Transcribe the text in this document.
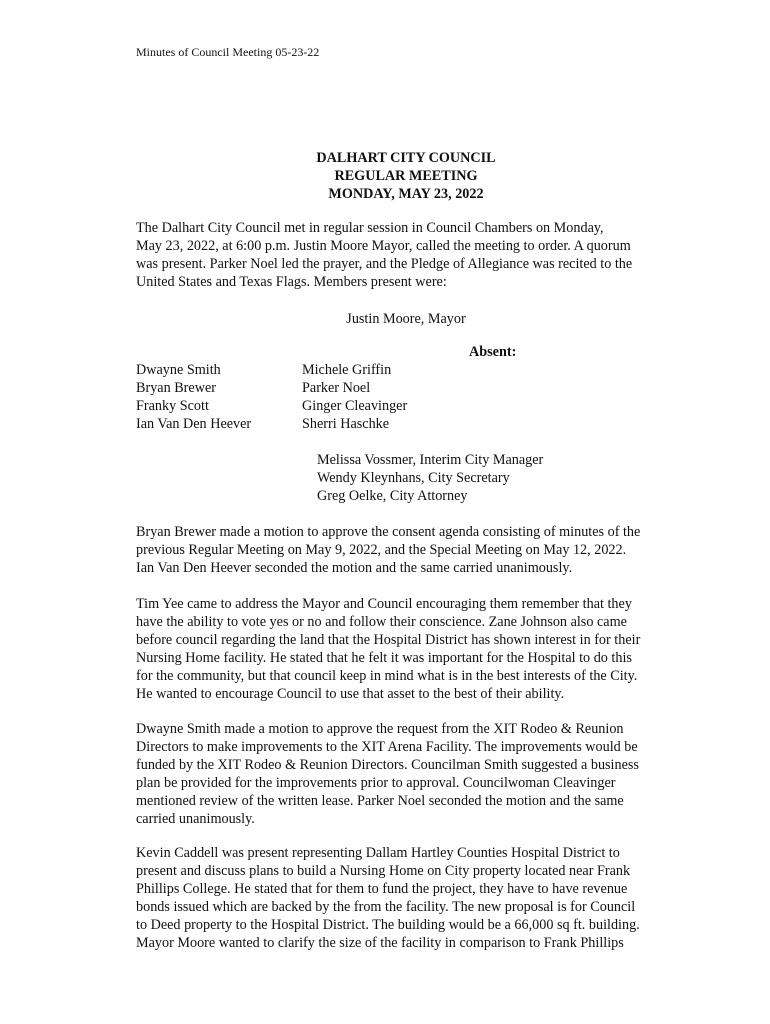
Minutes of Council Meeting 05-23-22
DALHART CITY COUNCIL
REGULAR MEETING
MONDAY, MAY 23, 2022

The Dalhart City Council met in regular session in Council Chambers on Monday,
May 23, 2022, at 6:00 p.m. Justin Moore Mayor, called the meeting to order. A quorum
was present. Parker Noel led the prayer, and the Pledge of Allegiance was recited to the
United States and Texas Flags. Members present were:

Justin Moore, Mayor
Absent:
Dwayne Smith
Bryan Brewer
Franky Scott
Ian Van Den Heever
Michele Griffin
Parker Noel
Ginger Cleavinger
Sherri Haschke
Melissa Vossmer, Interim City Manager
Wendy Kleynhans, City Secretary
Greg Oelke, City Attorney

Bryan Brewer made a motion to approve the consent agenda consisting of minutes of the
previous Regular Meeting on May 9, 2022, and the Special Meeting on May 12, 2022.
Ian Van Den Heever seconded the motion and the same carried unanimously.

Tim Yee came to address the Mayor and Council encouraging them remember that they
have the ability to vote yes or no and follow their conscience. Zane Johnson also came
before council regarding the land that the Hospital District has shown interest in for their
Nursing Home facility. He stated that he felt it was important for the Hospital to do this
for the community, but that council keep in mind what is in the best interests of the City.
He wanted to encourage Council to use that asset to the best of their ability.

Dwayne Smith made a motion to approve the request from the XIT Rodeo & Reunion
Directors to make improvements to the XIT Arena Facility. The improvements would be
funded by the XIT Rodeo & Reunion Directors. Councilman Smith suggested a business
plan be provided for the improvements prior to approval. Councilwoman Cleavinger
mentioned review of the written lease. Parker Noel seconded the motion and the same
carried unanimously.

Kevin Caddell was present representing Dallam Hartley Counties Hospital District to
present and discuss plans to build a Nursing Home on City property located near Frank
Phillips College. He stated that for them to fund the project, they have to have revenue
bonds issued which are backed by the from the facility. The new proposal is for Council
to Deed property to the Hospital District. The building would be a 66,000 sq ft. building.
Mayor Moore wanted to clarify the size of the facility in comparison to Frank Phillips
